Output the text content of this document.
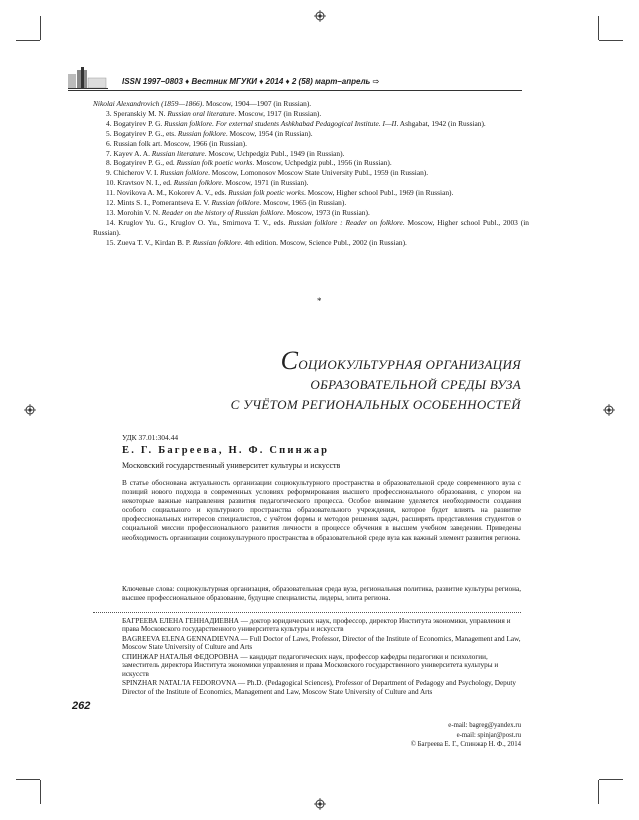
ISSN 1997–0803 ♦ Вестник МГУКИ ♦ 2014 ♦ 2 (58) март–апрель ⇨

Nikolai Alexandrovich (1859—1866). Moscow, 1904—1907 (in Russian).

3. Speranskiy M. N. Russian oral literature. Moscow, 1917 (in Russian).

4. Bogatyirev P. G. Russian folklore. For external students Ashkhabad Pedagogical Institute. I—II. Ashgabat, 1942 (in Russian).

5. Bogatyirev P. G., ets. Russian folklore. Moscow, 1954 (in Russian).

6. Russian folk art. Moscow, 1966 (in Russian).

7. Kayev A. A. Russian literature. Moscow, Uchpedgiz Publ., 1949 (in Russian).

8. Bogatyirev P. G., ed. Russian folk poetic works. Moscow, Uchpedgiz publ., 1956 (in Russian).

9. Chicherov V. I. Russian folklore. Moscow, Lomonosov Moscow State University Publ., 1959 (in Russian).

10. Kravtsov N. I., ed. Russian folklore. Moscow, 1971 (in Russian).

11. Novikova A. M., Kokorev A. V., eds. Russian folk poetic works. Moscow, Higher school Publ., 1969 (in Russian).

12. Mints S. I., Pomerantseva E. V. Russian folklore. Moscow, 1965 (in Russian).

13. Morohin V. N. Reader on the history of Russian folklore. Moscow, 1973 (in Russian).

14. Kruglov Yu. G., Kruglov O. Yu., Smirnova T. V., eds. Russian folklore : Reader on folklore. Moscow, Higher school Publ., 2003 (in Russian).

15. Zueva T. V., Kirdan B. P. Russian folklore. 4th edition. Moscow, Science Publ., 2002 (in Russian).

*
СОЦИОКУЛЬТУРНАЯ ОРГАНИЗАЦИЯ
ОБРАЗОВАТЕЛЬНОЙ СРЕДЫ ВУЗА
С УЧЁТОМ РЕГИОНАЛЬНЫХ ОСОБЕННОСТЕЙ
УДК 37.01:304.44
Е. Г. Багреева, Н. Ф. Спинжар
Московский государственный университет культуры и искусств

В статье обоснована актуальность организации социокультурного пространства в образовательной среде современного вуза с позиций нового подхода в современных условиях реформирования высшего профессионального образования, с упором на некоторые важные направления развития педагогического процесса. Особое внимание уделяется необходимости создания особого социального и культурного пространства образовательного учреждения, которое будет влиять на развитие профессиональных интересов специалистов, с учётом формы и методов решения задач, расширять представления студентов о социальной миссии профессионального развития личности в процессе обучения в высшем учебном заведении. Приведены необходимость организации социокультурного пространства в образовательной среде вуза как важный элемент развития региона.

Ключевые слова: социокультурная организация, образовательная среда вуза, региональная политика, развитие культуры региона, высшее профессиональное образование, будущие специалисты, лидеры, элита региона.

БАГРЕЕВА ЕЛЕНА ГЕННАДИЕВНА — доктор юридических наук, профессор, директор Института экономики, управления и права Московского государственного университета культуры и искусств

BAGREEVA ELENA GENNADIEVNA — Full Doctor of Laws, Professor, Director of the Institute of Economics, Management and Law, Moscow State University of Culture and Arts

СПИНЖАР НАТАЛЬЯ ФЕДОРОВНА — кандидат педагогических наук, профессор кафедры педагогики и психологии, заместитель директора Института экономики управления и права Московского государственного университета культуры и искусств

SPINZHAR NATAL'IA FEDOROVNA — Ph.D. (Pedagogical Sciences), Professor of Department of Pedagogy and Psychology, Deputy Director of the Institute of Economics, Management and Law, Moscow State University of Culture and Arts

262
e-mail: bagreg@yandex.ru
e-mail: spinjar@post.ru
© Багреева Е. Г., Спинжар Н. Ф., 2014
